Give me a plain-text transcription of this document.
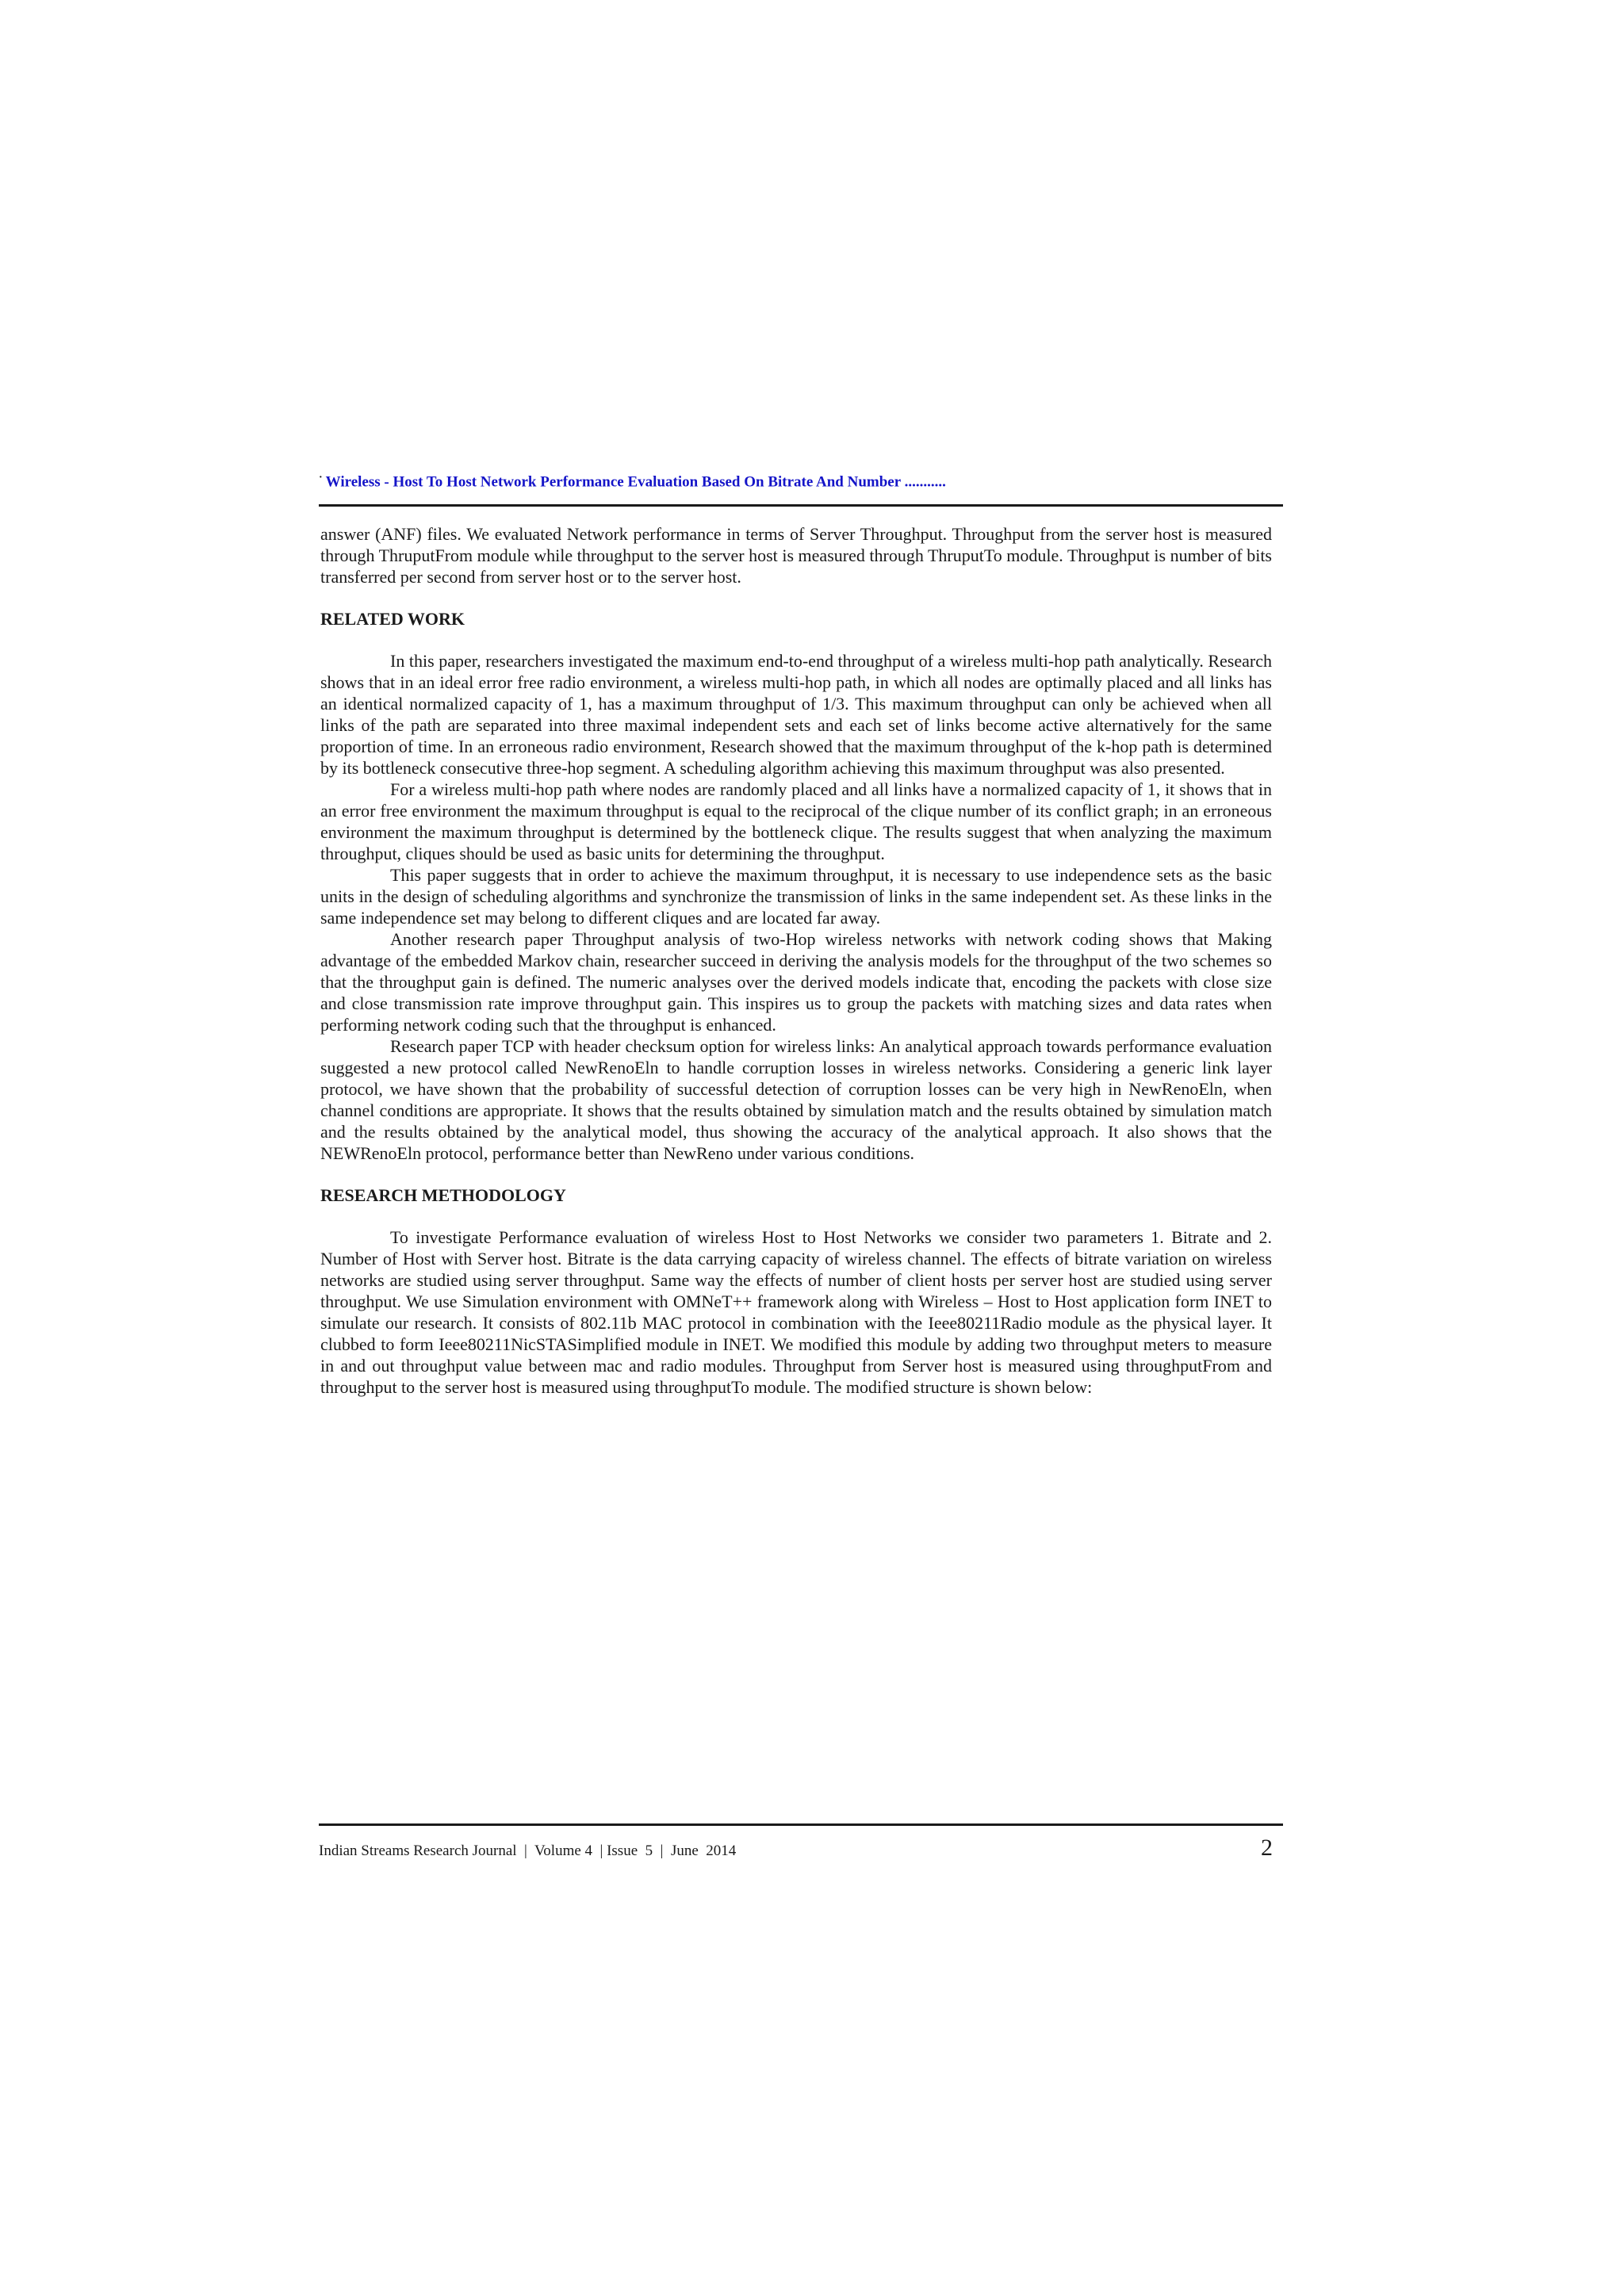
· Wireless - Host To Host Network Performance Evaluation Based On Bitrate And Number ...........

answer (ANF) files. We evaluated Network performance in terms of Server Throughput. Throughput from the server host is measured through ThruputFrom module while throughput to the server host is measured through ThruputTo module. Throughput is number of bits transferred per second from server host or to the server host.

RELATED WORK

In this paper, researchers investigated the maximum end-to-end throughput of a wireless multi-hop path analytically. Research shows that in an ideal error free radio environment, a wireless multi-hop path, in which all nodes are optimally placed and all links has an identical normalized capacity of 1, has a maximum throughput of 1/3. This maximum throughput can only be achieved when all links of the path are separated into three maximal independent sets and each set of links become active alternatively for the same proportion of time. In an erroneous radio environment, Research showed that the maximum throughput of the k-hop path is determined by its bottleneck consecutive three-hop segment. A scheduling algorithm achieving this maximum throughput was also presented.

For a wireless multi-hop path where nodes are randomly placed and all links have a normalized capacity of 1, it shows that in an error free environment the maximum throughput is equal to the reciprocal of the clique number of its conflict graph; in an erroneous environment the maximum throughput is determined by the bottleneck clique. The results suggest that when analyzing the maximum throughput, cliques should be used as basic units for determining the throughput.

This paper suggests that in order to achieve the maximum throughput, it is necessary to use independence sets as the basic units in the design of scheduling algorithms and synchronize the transmission of links in the same independent set. As these links in the same independence set may belong to different cliques and are located far away.

Another research paper Throughput analysis of two-Hop wireless networks with network coding shows that Making advantage of the embedded Markov chain, researcher succeed in deriving the analysis models for the throughput of the two schemes so that the throughput gain is defined. The numeric analyses over the derived models indicate that, encoding the packets with close size and close transmission rate improve throughput gain. This inspires us to group the packets with matching sizes and data rates when performing network coding such that the throughput is enhanced.

Research paper TCP with header checksum option for wireless links: An analytical approach towards performance evaluation suggested a new protocol called NewRenoEln to handle corruption losses in wireless networks. Considering a generic link layer protocol, we have shown that the probability of successful detection of corruption losses can be very high in NewRenoEln, when channel conditions are appropriate. It shows that the results obtained by simulation match and the results obtained by simulation match and the results obtained by the analytical model, thus showing the accuracy of the analytical approach. It also shows that the NEWRenoEln protocol, performance better than NewReno under various conditions.

RESEARCH METHODOLOGY

To investigate Performance evaluation of wireless Host to Host Networks we consider two parameters 1. Bitrate and 2. Number of Host with Server host. Bitrate is the data carrying capacity of wireless channel. The effects of bitrate variation on wireless networks are studied using server throughput. Same way the effects of number of client hosts per server host are studied using server throughput. We use Simulation environment with OMNeT++ framework along with Wireless – Host to Host application form INET to simulate our research. It consists of 802.11b MAC protocol in combination with the Ieee80211Radio module as the physical layer. It clubbed to form Ieee80211NicSTASimplified module in INET. We modified this module by adding two throughput meters to measure in and out throughput value between mac and radio modules. Throughput from Server host is measured using throughputFrom and throughput to the server host is measured using throughputTo module. The modified structure is shown below:

Indian Streams Research Journal  |  Volume 4  | Issue  5  |  June  2014	2
